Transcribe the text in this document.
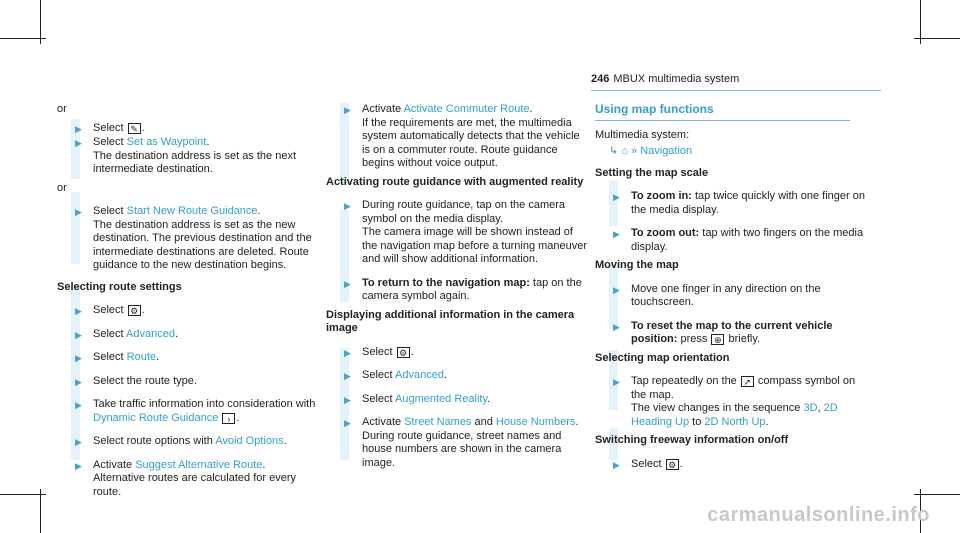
246 MBUX multimedia system
or
▶ Select ✎ .
▶ Select Set as Waypoint.
The destination address is set as the next intermediate destination.
or
▶ Select Start New Route Guidance.
The destination address is set as the new destination. The previous destination and the intermediate destinations are deleted. Route guidance to the new destination begins.
Selecting route settings
▶ Select ⚙ .
▶ Select Advanced.
▶ Select Route.
▶ Select the route type.
▶ Take traffic information into consideration with Dynamic Route Guidance › .
▶ Select route options with Avoid Options.
▶ Activate Suggest Alternative Route.
Alternative routes are calculated for every route.
▶ Activate Activate Commuter Route.
If the requirements are met, the multimedia system automatically detects that the vehicle is on a commuter route. Route guidance begins without voice output.
Activating route guidance with augmented reality
▶ During route guidance, tap on the camera symbol on the media display.
The camera image will be shown instead of the navigation map before a turning maneuver and will show additional information.
▶ To return to the navigation map: tap on the camera symbol again.
Displaying additional information in the camera image
▶ Select ⚙ .
▶ Select Advanced.
▶ Select Augmented Reality.
▶ Activate Street Names and House Numbers.
During route guidance, street names and house numbers are shown in the camera image.
Using map functions
Multimedia system:
↳ ⌂ » Navigation
Setting the map scale
▶ To zoom in: tap twice quickly with one finger on the media display.
▶ To zoom out: tap with two fingers on the media display.
Moving the map
▶ Move one finger in any direction on the touchscreen.
▶ To reset the map to the current vehicle position: press ⊕ briefly.
Selecting map orientation
▶ Tap repeatedly on the ➚ compass symbol on the map.
The view changes in the sequence 3D, 2D Heading Up to 2D North Up.
Switching freeway information on/off
▶ Select ⚙ .
carmanualsonline.info
